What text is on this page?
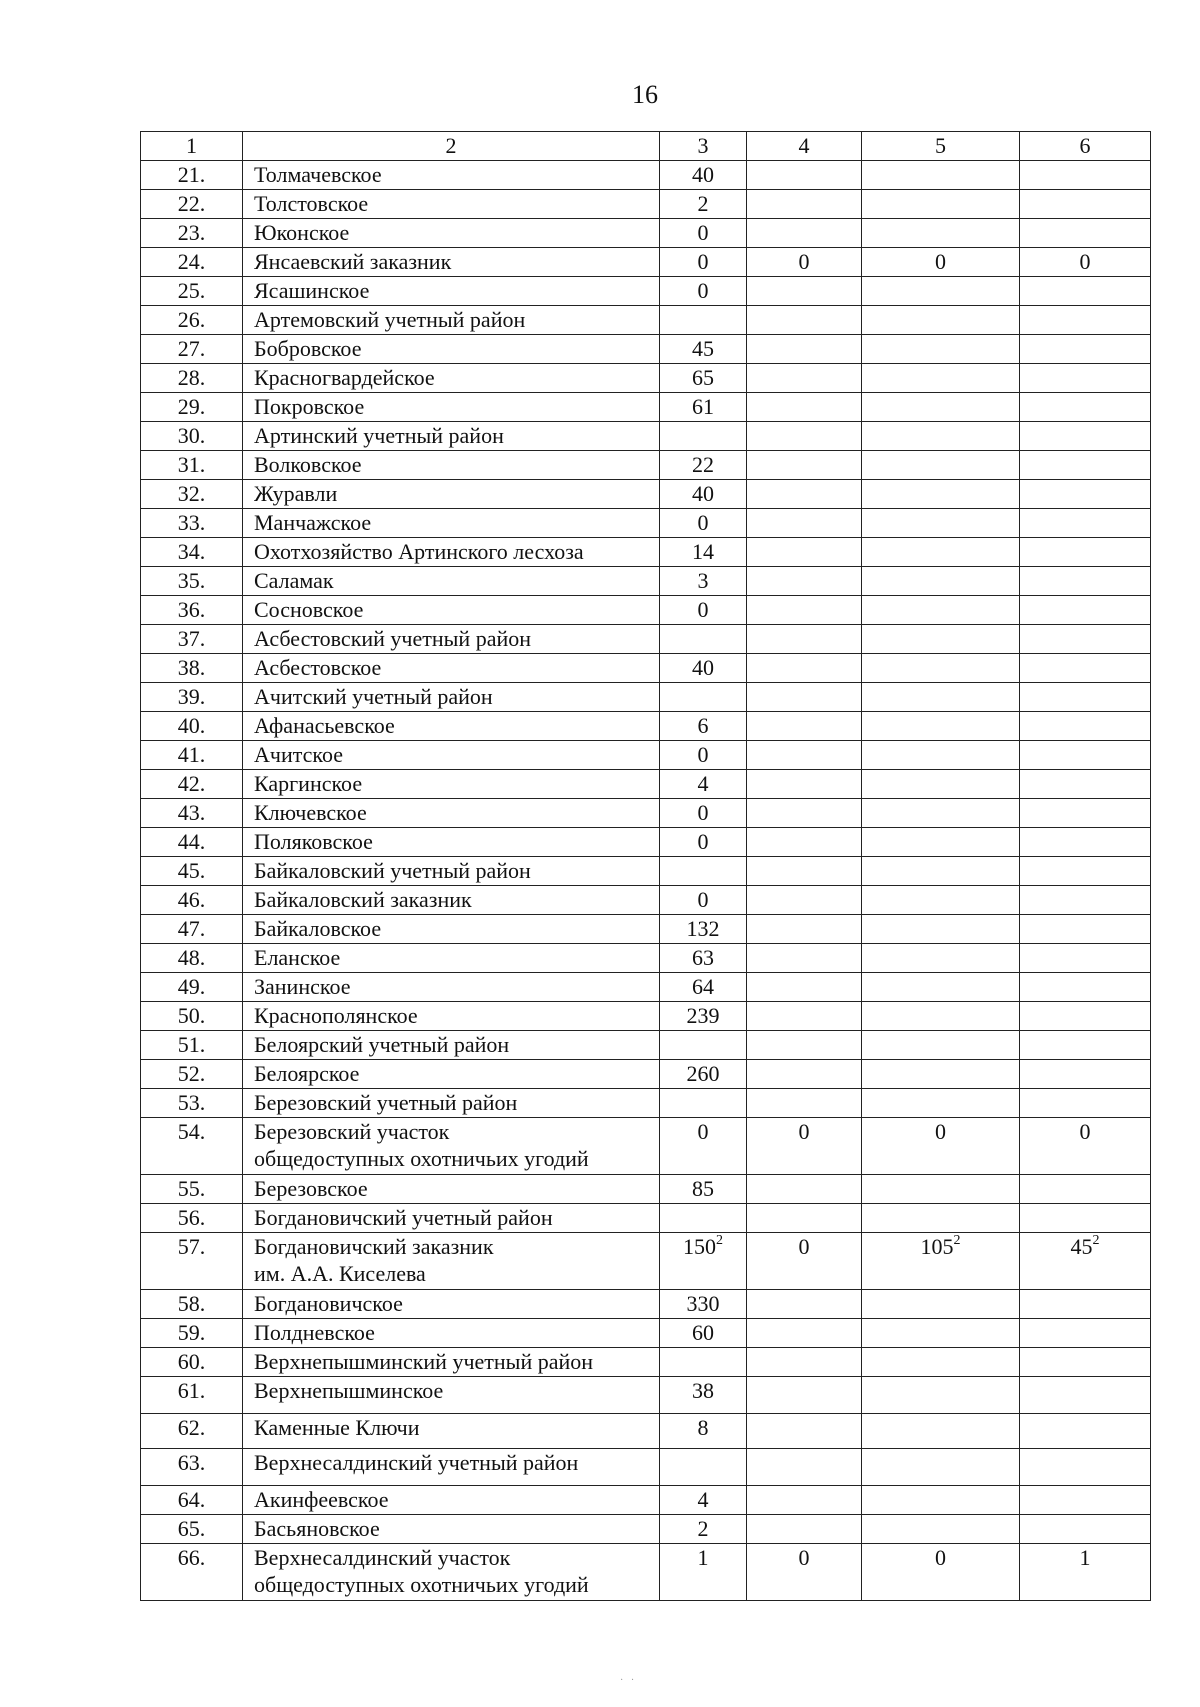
16
1	2	3	4	5	6
21.	Толмачевское	40			
22.	Толстовское	2			
23.	Юконское	0			
24.	Янсаевский заказник	0	0	0	0
25.	Ясашинское	0			
26.	Артемовский учетный район				

27.	Бобровское	45			
28.	Красногвардейское	65			
29.	Покровское	61			
30.	Артинский учетный район				

31.	Волковское	22			
32.	Журавли	40			
33.	Манчажское	0			
34.	Охотхозяйство Артинского лесхоза	14			
35.	Саламак	3			
36.	Сосновское	0			
37.	Асбестовский учетный район				

38.	Асбестовское	40			
39.	Ачитский учетный район				

40.	Афанасьевское	6			
41.	Ачитское	0			
42.	Каргинское	4			
43.	Ключевское	0			
44.	Поляковское	0			
45.	Байкаловский учетный район				

46.	Байкаловский заказник	0			
47.	Байкаловское	132			
48.	Еланское	63			
49.	Занинское	64			
50.	Краснополянское	239			
51.	Белоярский учетный район				

52.	Белоярское	260			
53.	Березовский учетный район				

54.	Березовский участок
общедоступных охотничьих угодий	0	0	0	0
55.	Березовское	85			
56.	Богдановичский учетный район				

57.	Богдановичский заказник
им. А.А. Киселева	$150^2$	0	$105^2$	$45^2$
58.	Богдановичское	330			
59.	Полдневское	60			
60.	Верхнепышминский учетный район				

61.	Верхнепышминское	38			
62.	Каменные Ключи	8			
63.	Верхнесалдинский учетный район				

64.	Акинфеевское	4			
65.	Басьяновское	2			
66.	Верхнесалдинский участок
общедоступных охотничьих угодий	1	0	0	1
·   ·
